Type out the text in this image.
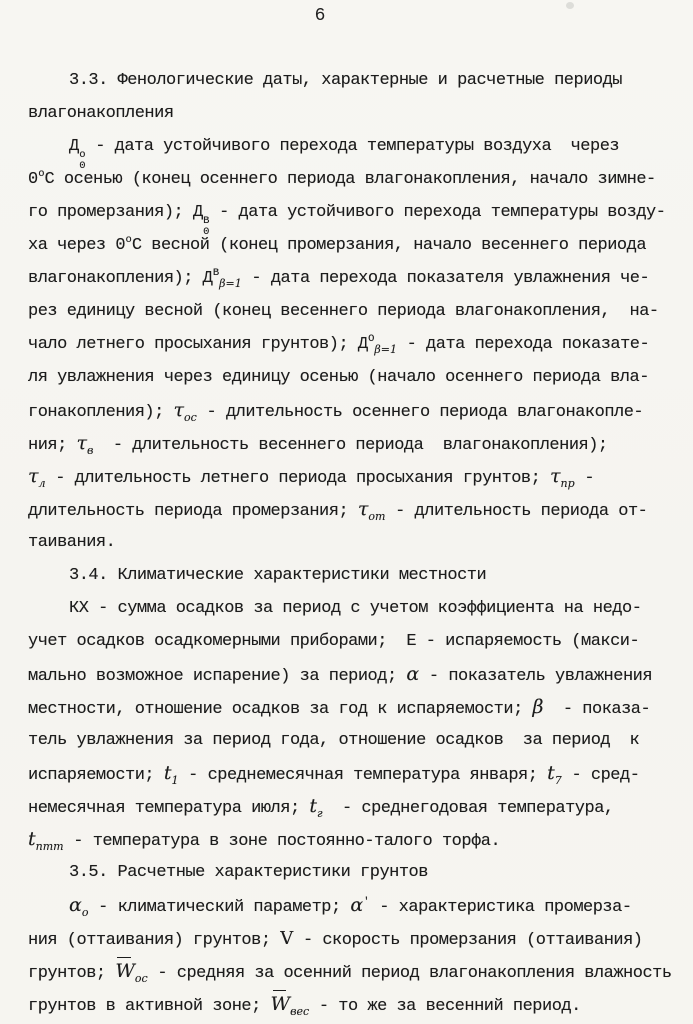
6
3.3. Фенологические даты, характерные и расчетные периоды
влагонакопления
Д о
0
- дата устойчивого перехода температуры воздуха  через
$0^оС$ осенью (конец осеннего периода влагонакопления, начало зимне-
го промерзания); Д В
0
- дата устойчивого перехода температуры возду-
ха через $0^оС$ весной (конец промерзания, начало весеннего периода
влагонакопления); $Д^В_{\beta=1}$ - дата перехода показателя увлажнения че-
рез единицу весной (конец весеннего периода влагонакопления,  на-
чало летнего просыхания грунтов); $Д^О_{\beta=1}$ - дата перехода показате-
ля увлажнения через единицу осенью (начало осеннего периода вла-
гонакопления); $\tau_{ос}$ - длительность осеннего периода влагонакопле-
ния; $\tau_в$  - длительность весеннего периода  влагонакопления);
$\tau_л$ - длительность летнего периода просыхания грунтов; $\tau_{пр}$ -
длительность периода промерзания; $\tau_{от}$ - длительность периода от-
таивания.
3.4. Климатические характеристики местности
КХ - сумма осадков за период с учетом коэффициента на недо-
учет осадков осадкомерными приборами;  Е - испаряемость (макси-
мально возможное испарение) за период; α - показатель увлажнения
местности, отношение осадков за год к испаряемости; β  - показа-
тель увлажнения за период года, отношение осадков  за период  к
испаряемости; $t_1$ - среднемесячная температура января; $t_7$ - сред-
немесячная температура июля; $t_г$  - среднегодовая температура,
$t_{птт}$ - температура в зоне постоянно-талого торфа.
3.5. Расчетные характеристики грунтов
$\alpha_о$ - климатический параметр; α′ - характеристика промерза-
ния (оттаивания) грунтов; V - скорость промерзания (оттаивания)
грунтов; $W_{ос}$ - средняя за осенний период влагонакопления влажность
грунтов в активной зоне; $W_{вес}$ - то же за весенний период.
